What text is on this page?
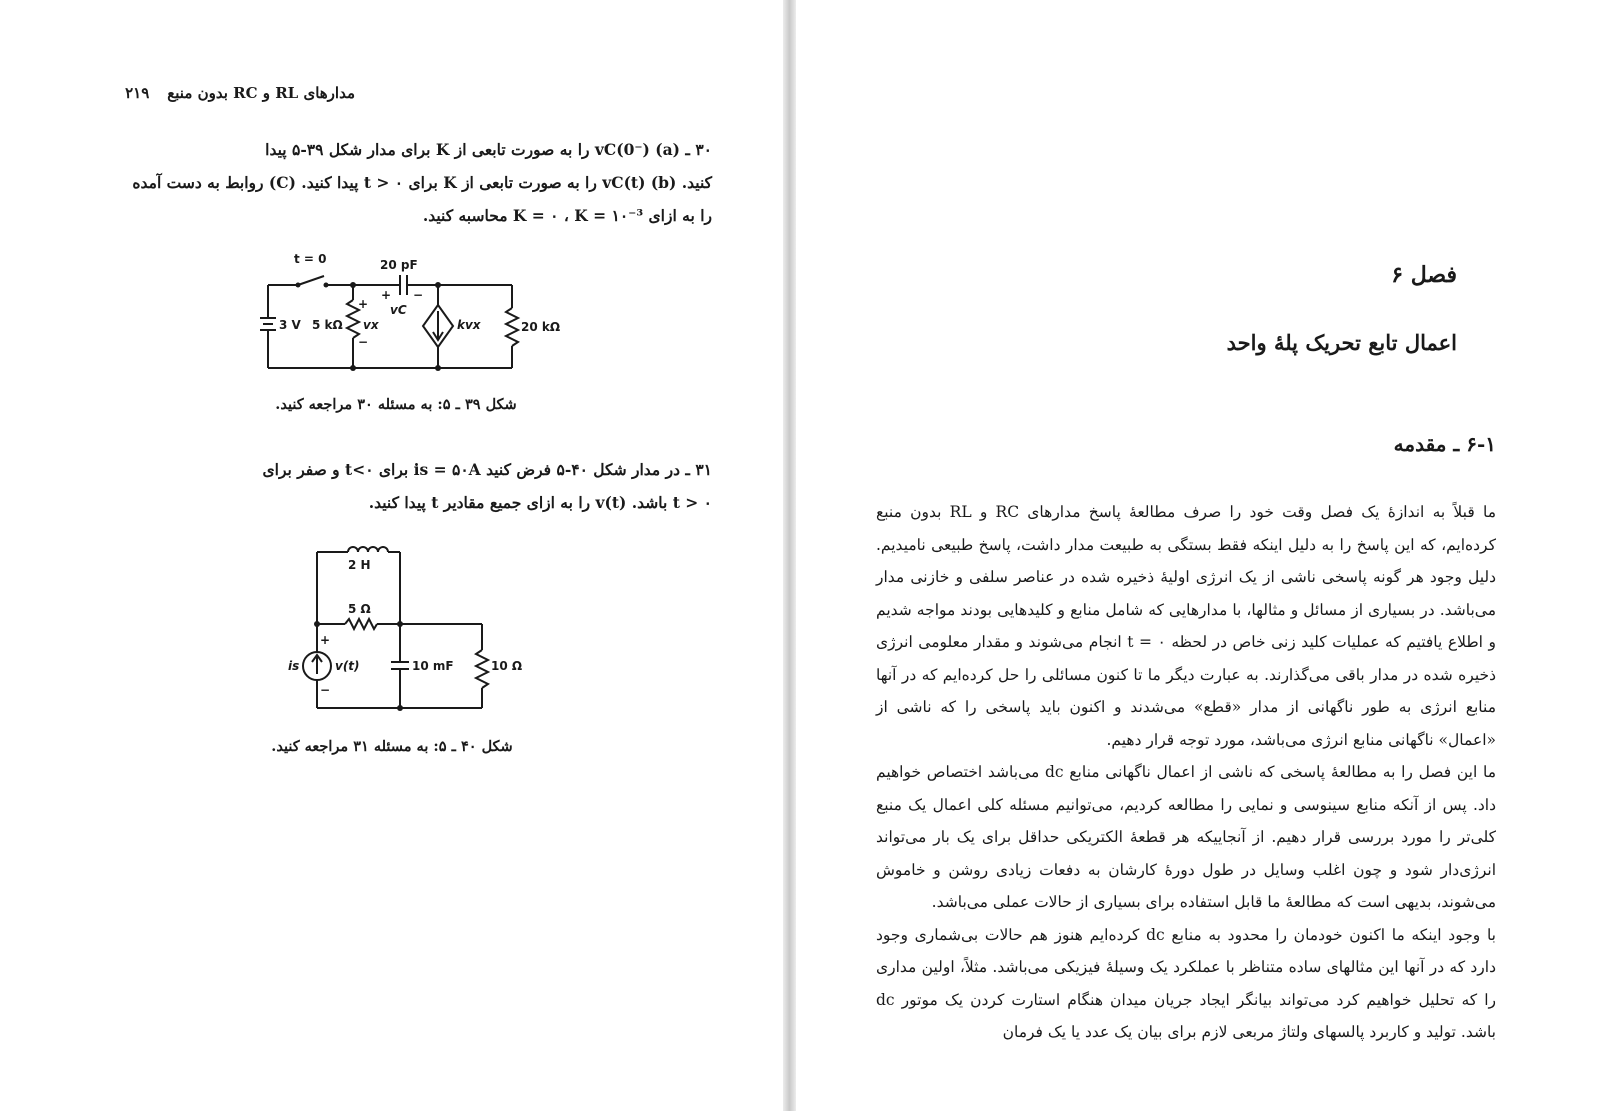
مدارهای RL و RC بدون منبع۲۱۹

۳۰ ـ (a) vC(0⁻) را به صورت تابعی از K برای مدار شکل ۳۹-۵ پیدا

کنید. (b) vC(t) را به صورت تابعی از K برای t > ۰ پیدا کنید. (C) روابط به دست آمده

را به ازای K = ۰ ، K = ۱۰⁻³ محاسبه کنید.

t = 0	20 pF
vC
+ −
3 V 5 kΩ vx
+
−
kvx	20 kΩ
شکل ۳۹ ـ ۵: به مسئله ۳۰ مراجعه کنید.

۳۱ ـ در مدار شکل ۴۰-۵ فرض کنید is = ۵۰A برای t<۰ و صفر برای

t > ۰ باشد. v(t) را به ازای جمیع مقادیر t پیدا کنید.

2 H
5 Ω
is	v(t)
+
−
10 mF	10 Ω
شکل ۴۰ ـ ۵: به مسئله ۳۱ مراجعه کنید.
فصل ۶
اعمال تابع تحریک پلهٔ واحد
۶-۱ ـ مقدمه

ما قبلاً به اندازهٔ یک فصل وقت خود را صرف مطالعهٔ پاسخ مدارهای RC و RL بدون منبع کرده‌ایم، که این پاسخ را به دلیل اینکه فقط بستگی به طبیعت مدار داشت، پاسخ طبیعی نامیدیم. دلیل وجود هر گونه پاسخی ناشی از یک انرژی اولیهٔ ذخیره شده در عناصر سلفی و خازنی مدار می‌باشد. در بسیاری از مسائل و مثالها، با مدارهایی که شامل منابع و کلیدهایی بودند مواجه شدیم و اطلاع یافتیم که عملیات کلید زنی خاص در لحظه t = ۰ انجام می‌شوند و مقدار معلومی انرژی ذخیره شده در مدار باقی می‌گذارند. به عبارت دیگر ما تا کنون مسائلی را حل کرده‌ایم که در آنها منابع انرژی به طور ناگهانی از مدار «قطع» می‌شدند و اکنون باید پاسخی را که ناشی از «اعمال» ناگهانی منابع انرژی می‌باشد، مورد توجه قرار دهیم.

ما این فصل را به مطالعهٔ پاسخی که ناشی از اعمال ناگهانی منابع dc می‌باشد اختصاص خواهیم داد. پس از آنکه منابع سینوسی و نمایی را مطالعه کردیم، می‌توانیم مسئله کلی اعمال یک منبع کلی‌تر را مورد بررسی قرار دهیم. از آنجاییکه هر قطعهٔ الکتریکی حداقل برای یک بار می‌تواند انرژی‌دار شود و چون اغلب وسایل در طول دورهٔ کارشان به دفعات زیادی روشن و خاموش می‌شوند، بدیهی است که مطالعهٔ ما قابل استفاده برای بسیاری از حالات عملی می‌باشد.

با وجود اینکه ما اکنون خودمان را محدود به منابع dc کرده‌ایم هنوز هم حالات بی‌شماری وجود دارد که در آنها این مثالهای ساده متناظر با عملکرد یک وسیلهٔ فیزیکی می‌باشد. مثلاً، اولین مداری را که تحلیل خواهیم کرد می‌تواند بیانگر ایجاد جریان میدان هنگام استارت کردن یک موتور dc باشد. تولید و کاربرد پالسهای ولتاژ مربعی لازم برای بیان یک عدد یا یک فرمان
